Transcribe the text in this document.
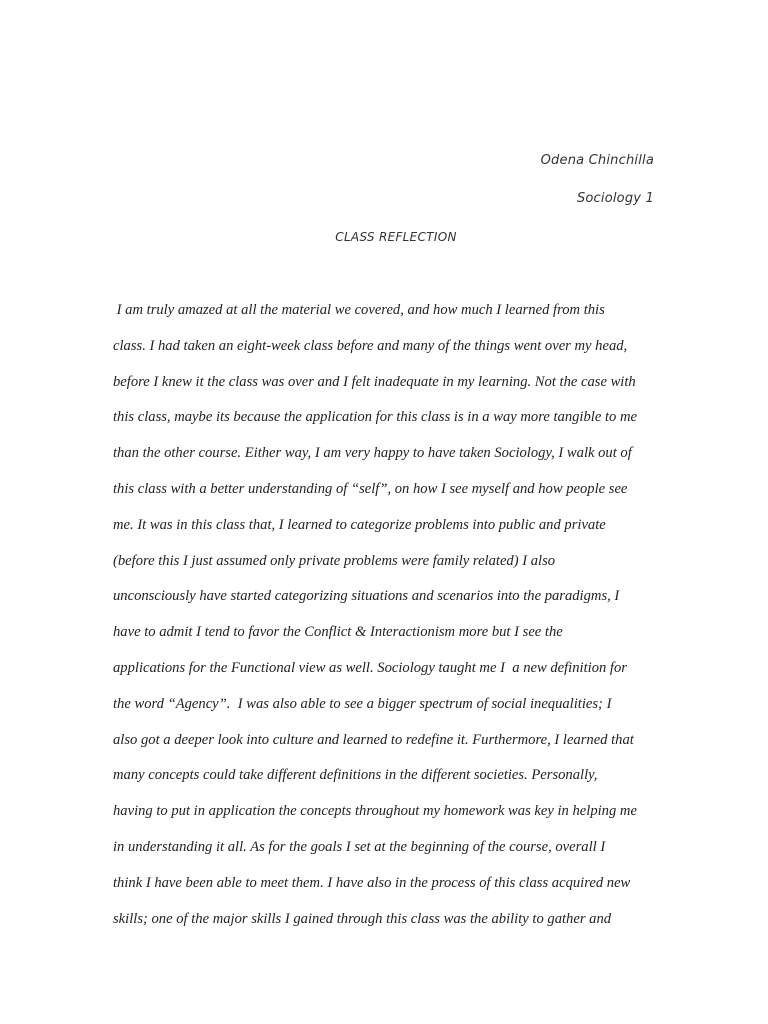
Odena Chinchilla
Sociology 1
CLASS REFLECTION
I am truly amazed at all the material we covered, and how much I learned from this
class. I had taken an eight-week class before and many of the things went over my head,
before I knew it the class was over and I felt inadequate in my learning. Not the case with
this class, maybe its because the application for this class is in a way more tangible to me
than the other course. Either way, I am very happy to have taken Sociology, I walk out of
this class with a better understanding of “self”, on how I see myself and how people see
me. It was in this class that, I learned to categorize problems into public and private
(before this I just assumed only private problems were family related) I also
unconsciously have started categorizing situations and scenarios into the paradigms, I
have to admit I tend to favor the Conflict & Interactionism more but I see the
applications for the Functional view as well. Sociology taught me I  a new definition for
the word “Agency”.  I was also able to see a bigger spectrum of social inequalities; I
also got a deeper look into culture and learned to redefine it. Furthermore, I learned that
many concepts could take different definitions in the different societies. Personally,
having to put in application the concepts throughout my homework was key in helping me
in understanding it all. As for the goals I set at the beginning of the course, overall I
think I have been able to meet them. I have also in the process of this class acquired new
skills; one of the major skills I gained through this class was the ability to gather and
